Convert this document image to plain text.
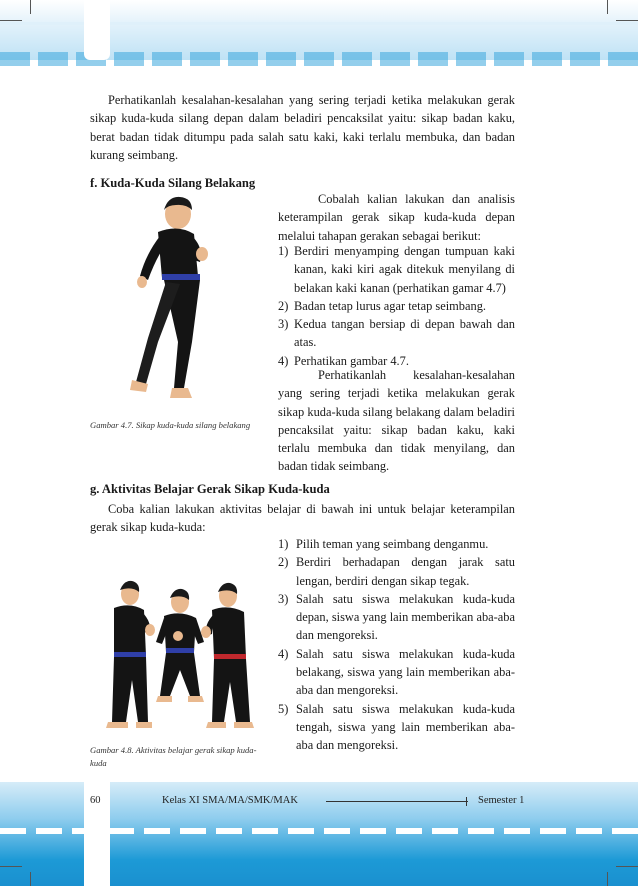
Perhatikanlah kesalahan-kesalahan yang sering terjadi ketika melakukan gerak sikap kuda-kuda silang depan dalam beladiri pencaksilat yaitu: sikap badan kaku, berat badan tidak ditumpu pada salah satu kaki, kaki terlalu membuka, dan badan kurang seimbang.

f. Kuda-Kuda Silang Belakang
Gambar 4.7. Sikap kuda-kuda silang belakang

Cobalah kalian lakukan dan analisis keterampilan gerak sikap kuda-kuda depan melalui tahapan gerakan sebagai berikut:

1) Berdiri menyamping dengan tumpuan kaki kanan, kaki kiri agak ditekuk menyilang di belakan kaki kanan (perhatikan gamar 4.7)
2) Badan tetap lurus agar tetap seimbang.
3) Kedua tangan bersiap di depan bawah dan atas.
4) Perhatikan gambar 4.7.

Perhatikanlah kesalahan-kesalahan yang sering terjadi ketika melakukan gerak sikap kuda-kuda silang belakang dalam beladiri pencaksilat yaitu: sikap badan kaku, kaki terlalu membuka dan tidak menyilang, dan badan tidak seimbang.

g. Aktivitas Belajar Gerak Sikap Kuda-kuda

Coba kalian lakukan aktivitas belajar di bawah ini untuk belajar keterampilan gerak sikap kuda-kuda:

Gambar 4.8. Aktivitas belajar gerak sikap kuda-kuda
1) Pilih teman yang seimbang denganmu.
2) Berdiri berhadapan dengan jarak satu lengan, berdiri dengan sikap tegak.
3) Salah satu siswa melakukan kuda-kuda depan, siswa yang lain memberikan aba-aba dan mengoreksi.
4) Salah satu siswa melakukan kuda-kuda belakang, siswa yang lain memberikan aba-aba dan mengoreksi.
5) Salah satu siswa melakukan kuda-kuda tengah, siswa yang lain memberikan aba-aba dan mengoreksi.
60	Kelas XI SMA/MA/SMK/MAK	Semester 1
